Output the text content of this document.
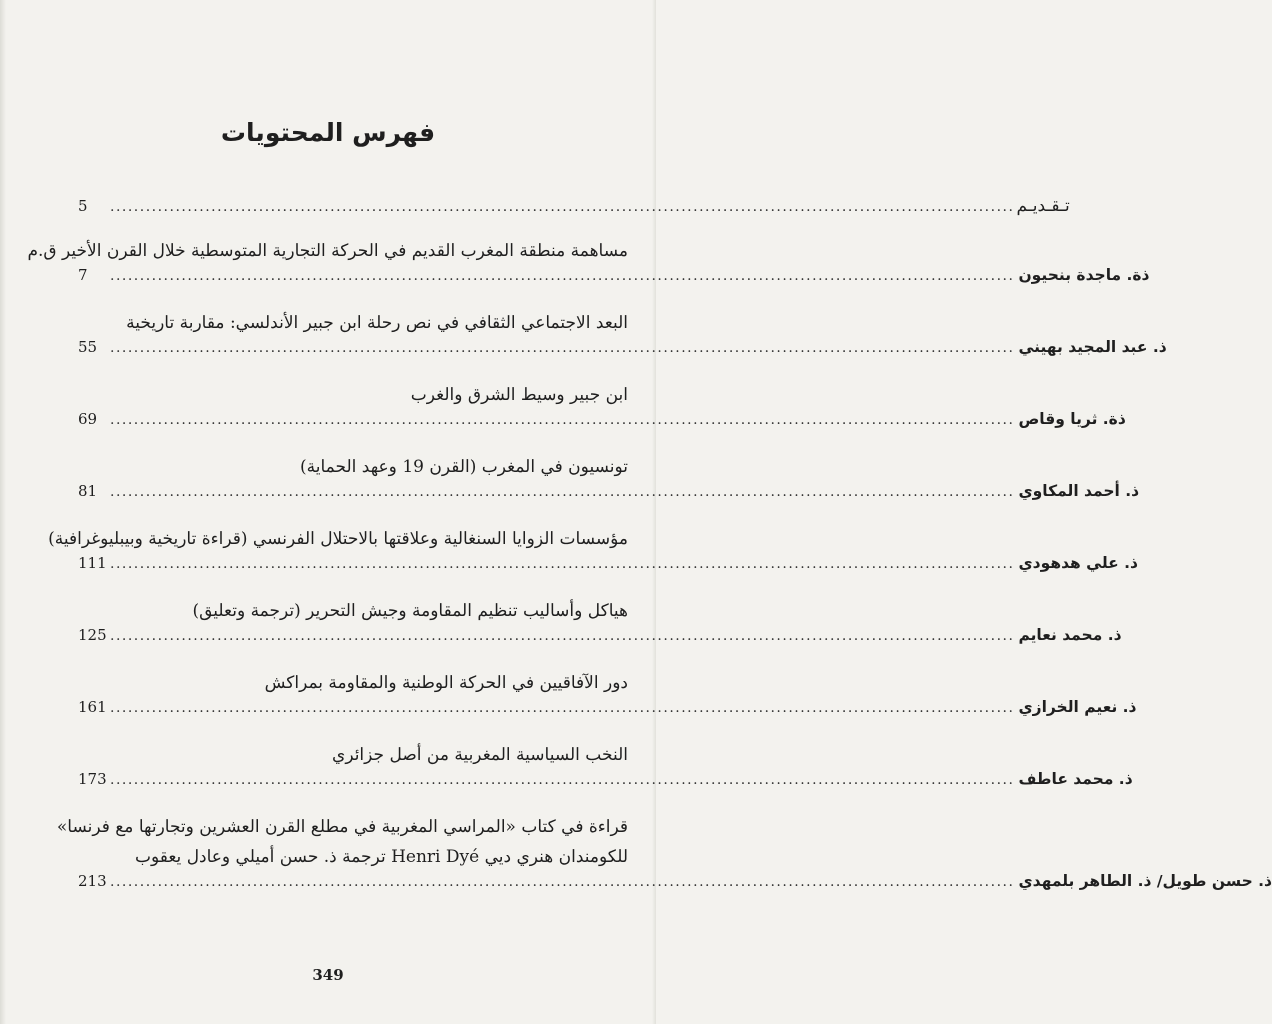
فهرس المحتويات
5	........................................................................................................................................................ تـقـديـم
مساهمة منطقة المغرب القديم في الحركة التجارية المتوسطية خلال القرن الأخير ق.م
7	........................................................................................................................................................ ذة. ماجدة بنحيون
البعد الاجتماعي الثقافي في نص رحلة ابن جبير الأندلسي: مقاربة تاريخية
55 ........................................................................................................................................................ ذ. عبد المجيد بهيني
ابن جبير وسيط الشرق والغرب
69 ........................................................................................................................................................ ذة. ثريا وقاص
تونسيون في المغرب (القرن 19 وعهد الحماية)
81 ........................................................................................................................................................ ذ. أحمد المكاوي
مؤسسات الزوايا السنغالية وعلاقتها بالاحتلال الفرنسي (قراءة تاريخية وبيبليوغرافية)
111 ........................................................................................................................................................ ذ. علي هدهودي
هياكل وأساليب تنظيم المقاومة وجيش التحرير (ترجمة وتعليق)
125 ........................................................................................................................................................ ذ. محمد نعايم
دور الآفاقيين في الحركة الوطنية والمقاومة بمراكش
161 ........................................................................................................................................................ ذ. نعيم الخرازي
النخب السياسية المغربية من أصل جزائري
173 ........................................................................................................................................................ ذ. محمد عاطف
قراءة في كتاب «المراسي المغربية في مطلع القرن العشرين وتجارتها مع فرنسا»
للكومندان هنري ديي Henri Dyé ترجمة ذ. حسن أميلي وعادل يعقوب
213 ........................................................................................................................................................ ذ. حسن طويل/ ذ. الطاهر بلمهدي
349
